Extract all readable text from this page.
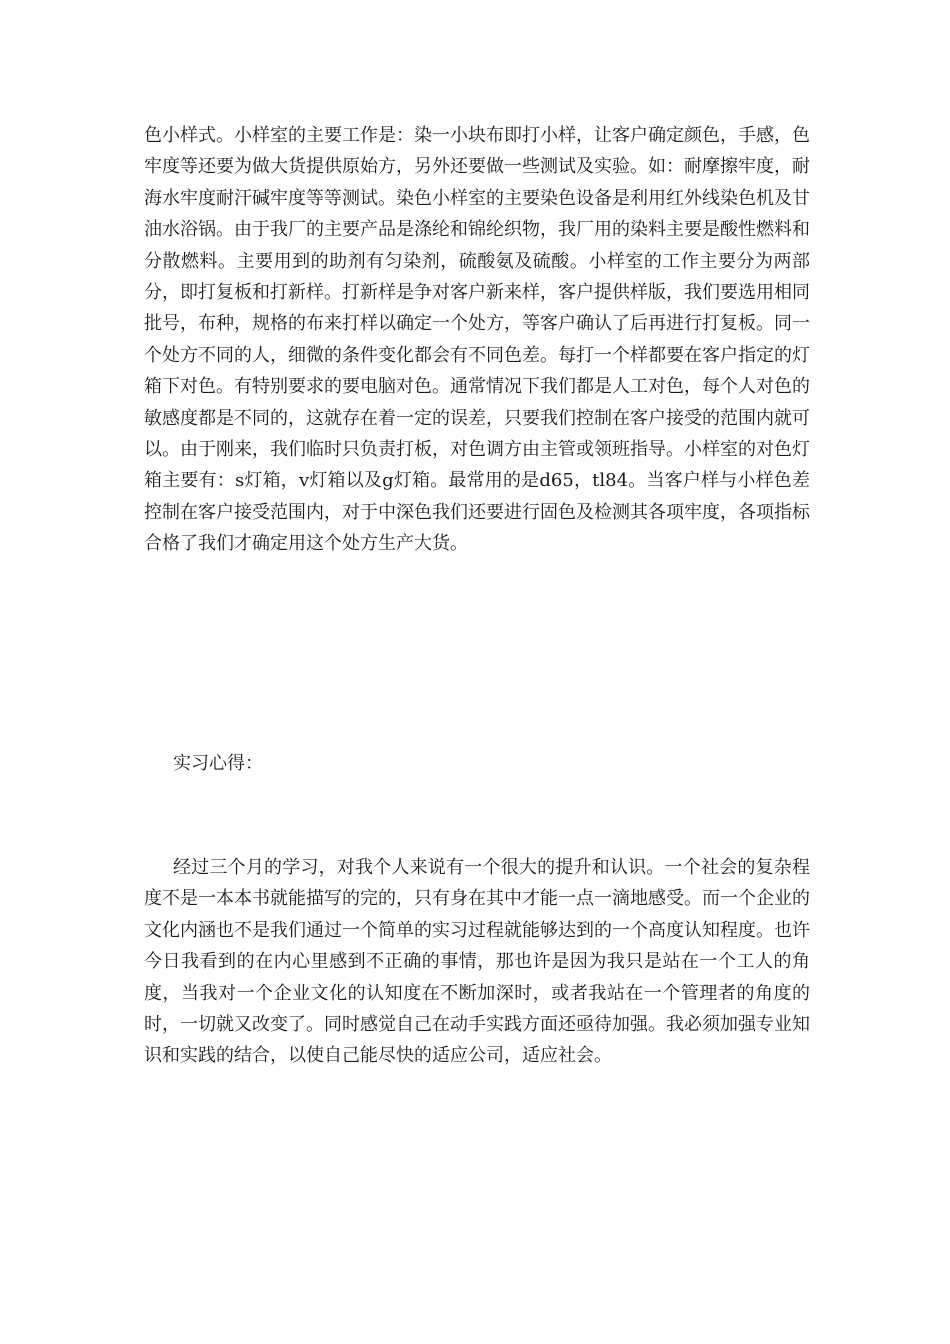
色小样式。小样室的主要工作是：染一小块布即打小样，让客户确定颜色，手感，色牢度等还要为做大货提供原始方，另外还要做一些测试及实验。如：耐摩擦牢度，耐海水牢度耐汗碱牢度等等测试。染色小样室的主要染色设备是利用红外线染色机及甘油水浴锅。由于我厂的主要产品是涤纶和锦纶织物，我厂用的染料主要是酸性燃料和分散燃料。主要用到的助剂有匀染剂，硫酸氨及硫酸。小样室的工作主要分为两部分，即打复板和打新样。打新样是争对客户新来样，客户提供样版，我们要选用相同批号，布种，规格的布来打样以确定一个处方，等客户确认了后再进行打复板。同一个处方不同的人，细微的条件变化都会有不同色差。每打一个样都要在客户指定的灯箱下对色。有特别要求的要电脑对色。通常情况下我们都是人工对色，每个人对色的敏感度都是不同的，这就存在着一定的误差，只要我们控制在客户接受的范围内就可以。由于刚来，我们临时只负责打板，对色调方由主管或领班指导。小样室的对色灯箱主要有：s灯箱，v灯箱以及g灯箱。最常用的是d65，tl84。当客户样与小样色差控制在客户接受范围内，对于中深色我们还要进行固色及检测其各项牢度，各项指标合格了我们才确定用这个处方生产大货。

实习心得：

经过三个月的学习，对我个人来说有一个很大的提升和认识。一个社会的复杂程度不是一本本书就能描写的完的，只有身在其中才能一点一滴地感受。而一个企业的文化内涵也不是我们通过一个简单的实习过程就能够达到的一个高度认知程度。也许今日我看到的在内心里感到不正确的事情，那也许是因为我只是站在一个工人的角度，当我对一个企业文化的认知度在不断加深时，或者我站在一个管理者的角度的时，一切就又改变了。同时感觉自己在动手实践方面还亟待加强。我必须加强专业知识和实践的结合，以使自己能尽快的适应公司，适应社会。
